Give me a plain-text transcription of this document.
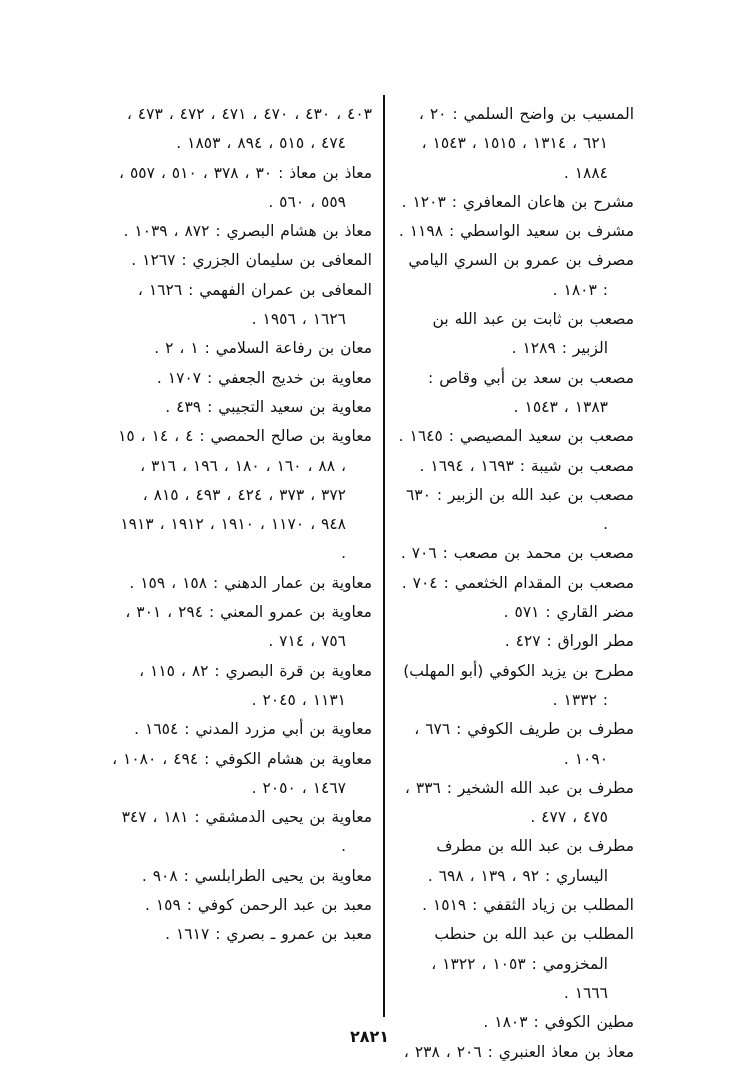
المسيب بن واضح السلمي : ٢٠ ، ٦٢١ ، ١٣١٤ ، ١٥١٥ ، ١٥٤٣ ، ١٨٨٤ .
مشرح بن هاعان المعافري : ١٢٠٣ .
مشرف بن سعيد الواسطي : ١١٩٨ .
مصرف بن عمرو بن السري اليامي : ١٨٠٣ .
مصعب بن ثابت بن عبد الله بن الزبير : ١٢٨٩ .
مصعب بن سعد بن أبي وقاص : ١٣٨٣ ، ١٥٤٣ .
مصعب بن سعيد المصيصي : ١٦٤٥ .
مصعب بن شيبة : ١٦٩٣ ، ١٦٩٤ .
مصعب بن عبد الله بن الزبير : ٦٣٠ .
مصعب بن محمد بن مصعب : ٧٠٦ .
مصعب بن المقدام الخثعمي : ٧٠٤ .
مضر القاري : ٥٧١ .
مطر الوراق : ٤٢٧ .
مطرح بن يزيد الكوفي (أبو المهلب) : ١٣٣٢ .
مطرف بن طريف الكوفي : ٦٧٦ ، ١٠٩٠ .
مطرف بن عبد الله الشخير : ٣٣٦ ، ٤٧٥ ، ٤٧٧ .
مطرف بن عبد الله بن مطرف اليساري : ٩٢ ، ١٣٩ ، ٦٩٨ .
المطلب بن زياد الثقفي : ١٥١٩ .
المطلب بن عبد الله بن حنطب المخزومي : ١٠٥٣ ، ١٣٢٢ ، ١٦٦٦ .
مطين الكوفي : ١٨٠٣ .
معاذ بن معاذ العنبري : ٢٠٦ ، ٢٣٨ ،
٤٠٣ ، ٤٣٠ ، ٤٧٠ ، ٤٧١ ، ٤٧٢ ، ٤٧٣ ، ٤٧٤ ، ٥١٥ ، ٨٩٤ ، ١٨٥٣ .
معاذ بن معاذ : ٣٠ ، ٣٧٨ ، ٥١٠ ، ٥٥٧ ، ٥٥٩ ، ٥٦٠ .
معاذ بن هشام البصري : ٨٧٢ ، ١٠٣٩ .
المعافى بن سليمان الجزري : ١٢٦٧ .
المعافى بن عمران الفهمي : ١٦٢٦ ، ١٦٢٦ ، ١٩٥٦ .
معان بن رفاعة السلامي : ١ ، ٢ .
معاوية بن خديج الجعفي : ١٧٠٧ .
معاوية بن سعيد التجيبي : ٤٣٩ .
معاوية بن صالح الحمصي : ٤ ، ١٤ ، ١٥ ، ٨٨ ، ١٦٠ ، ١٨٠ ، ١٩٦ ، ٣١٦ ، ٣٧٢ ، ٣٧٣ ، ٤٢٤ ، ٤٩٣ ، ٨١٥ ، ٩٤٨ ، ١١٧٠ ، ١٩١٠ ، ١٩١٢ ، ١٩١٣ .
معاوية بن عمار الدهني : ١٥٨ ، ١٥٩ .
معاوية بن عمرو المعني : ٢٩٤ ، ٣٠١ ، ٧٥٦ ، ٧١٤ .
معاوية بن قرة البصري : ٨٢ ، ١١٥ ، ١١٣١ ، ٢٠٤٥ .
معاوية بن أبي مزرد المدني : ١٦٥٤ .
معاوية بن هشام الكوفي : ٤٩٤ ، ١٠٨٠ ، ١٤٦٧ ، ٢٠٥٠ .
معاوية بن يحيى الدمشقي : ١٨١ ، ٣٤٧ .
معاوية بن يحيى الطرابلسي : ٩٠٨ .
معبد بن عبد الرحمن كوفي : ١٥٩ .
معبد بن عمرو ـ بصري : ١٦١٧ .
٢٨٢١
